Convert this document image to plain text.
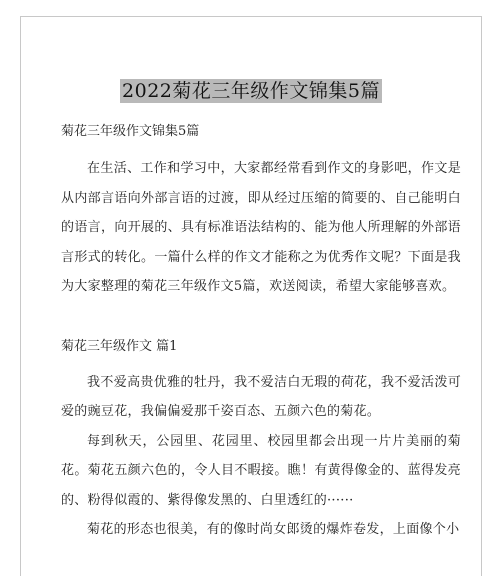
2022菊花三年级作文锦集5篇

菊花三年级作文锦集5篇

在生活、工作和学习中，大家都经常看到作文的身影吧，作文是从内部言语向外部言语的过渡，即从经过压缩的简要的、自己能明白的语言，向开展的、具有标准语法结构的、能为他人所理解的外部语言形式的转化。一篇什么样的作文才能称之为优秀作文呢？下面是我为大家整理的菊花三年级作文5篇，欢送阅读，希望大家能够喜欢。

菊花三年级作文 篇1

我不爱高贵优雅的牡丹，我不爱洁白无瑕的荷花，我不爱活泼可爱的豌豆花，我偏偏爱那千姿百态、五颜六色的菊花。

每到秋天，公园里、花园里、校园里都会出现一片片美丽的菊花。菊花五颜六色的，令人目不暇接。瞧！有黄得像金的、蓝得发亮的、粉得似霞的、紫得像发黑的、白里透红的······

菊花的形态也很美，有的像时尚女郎烫的爆炸卷发，上面像个小
